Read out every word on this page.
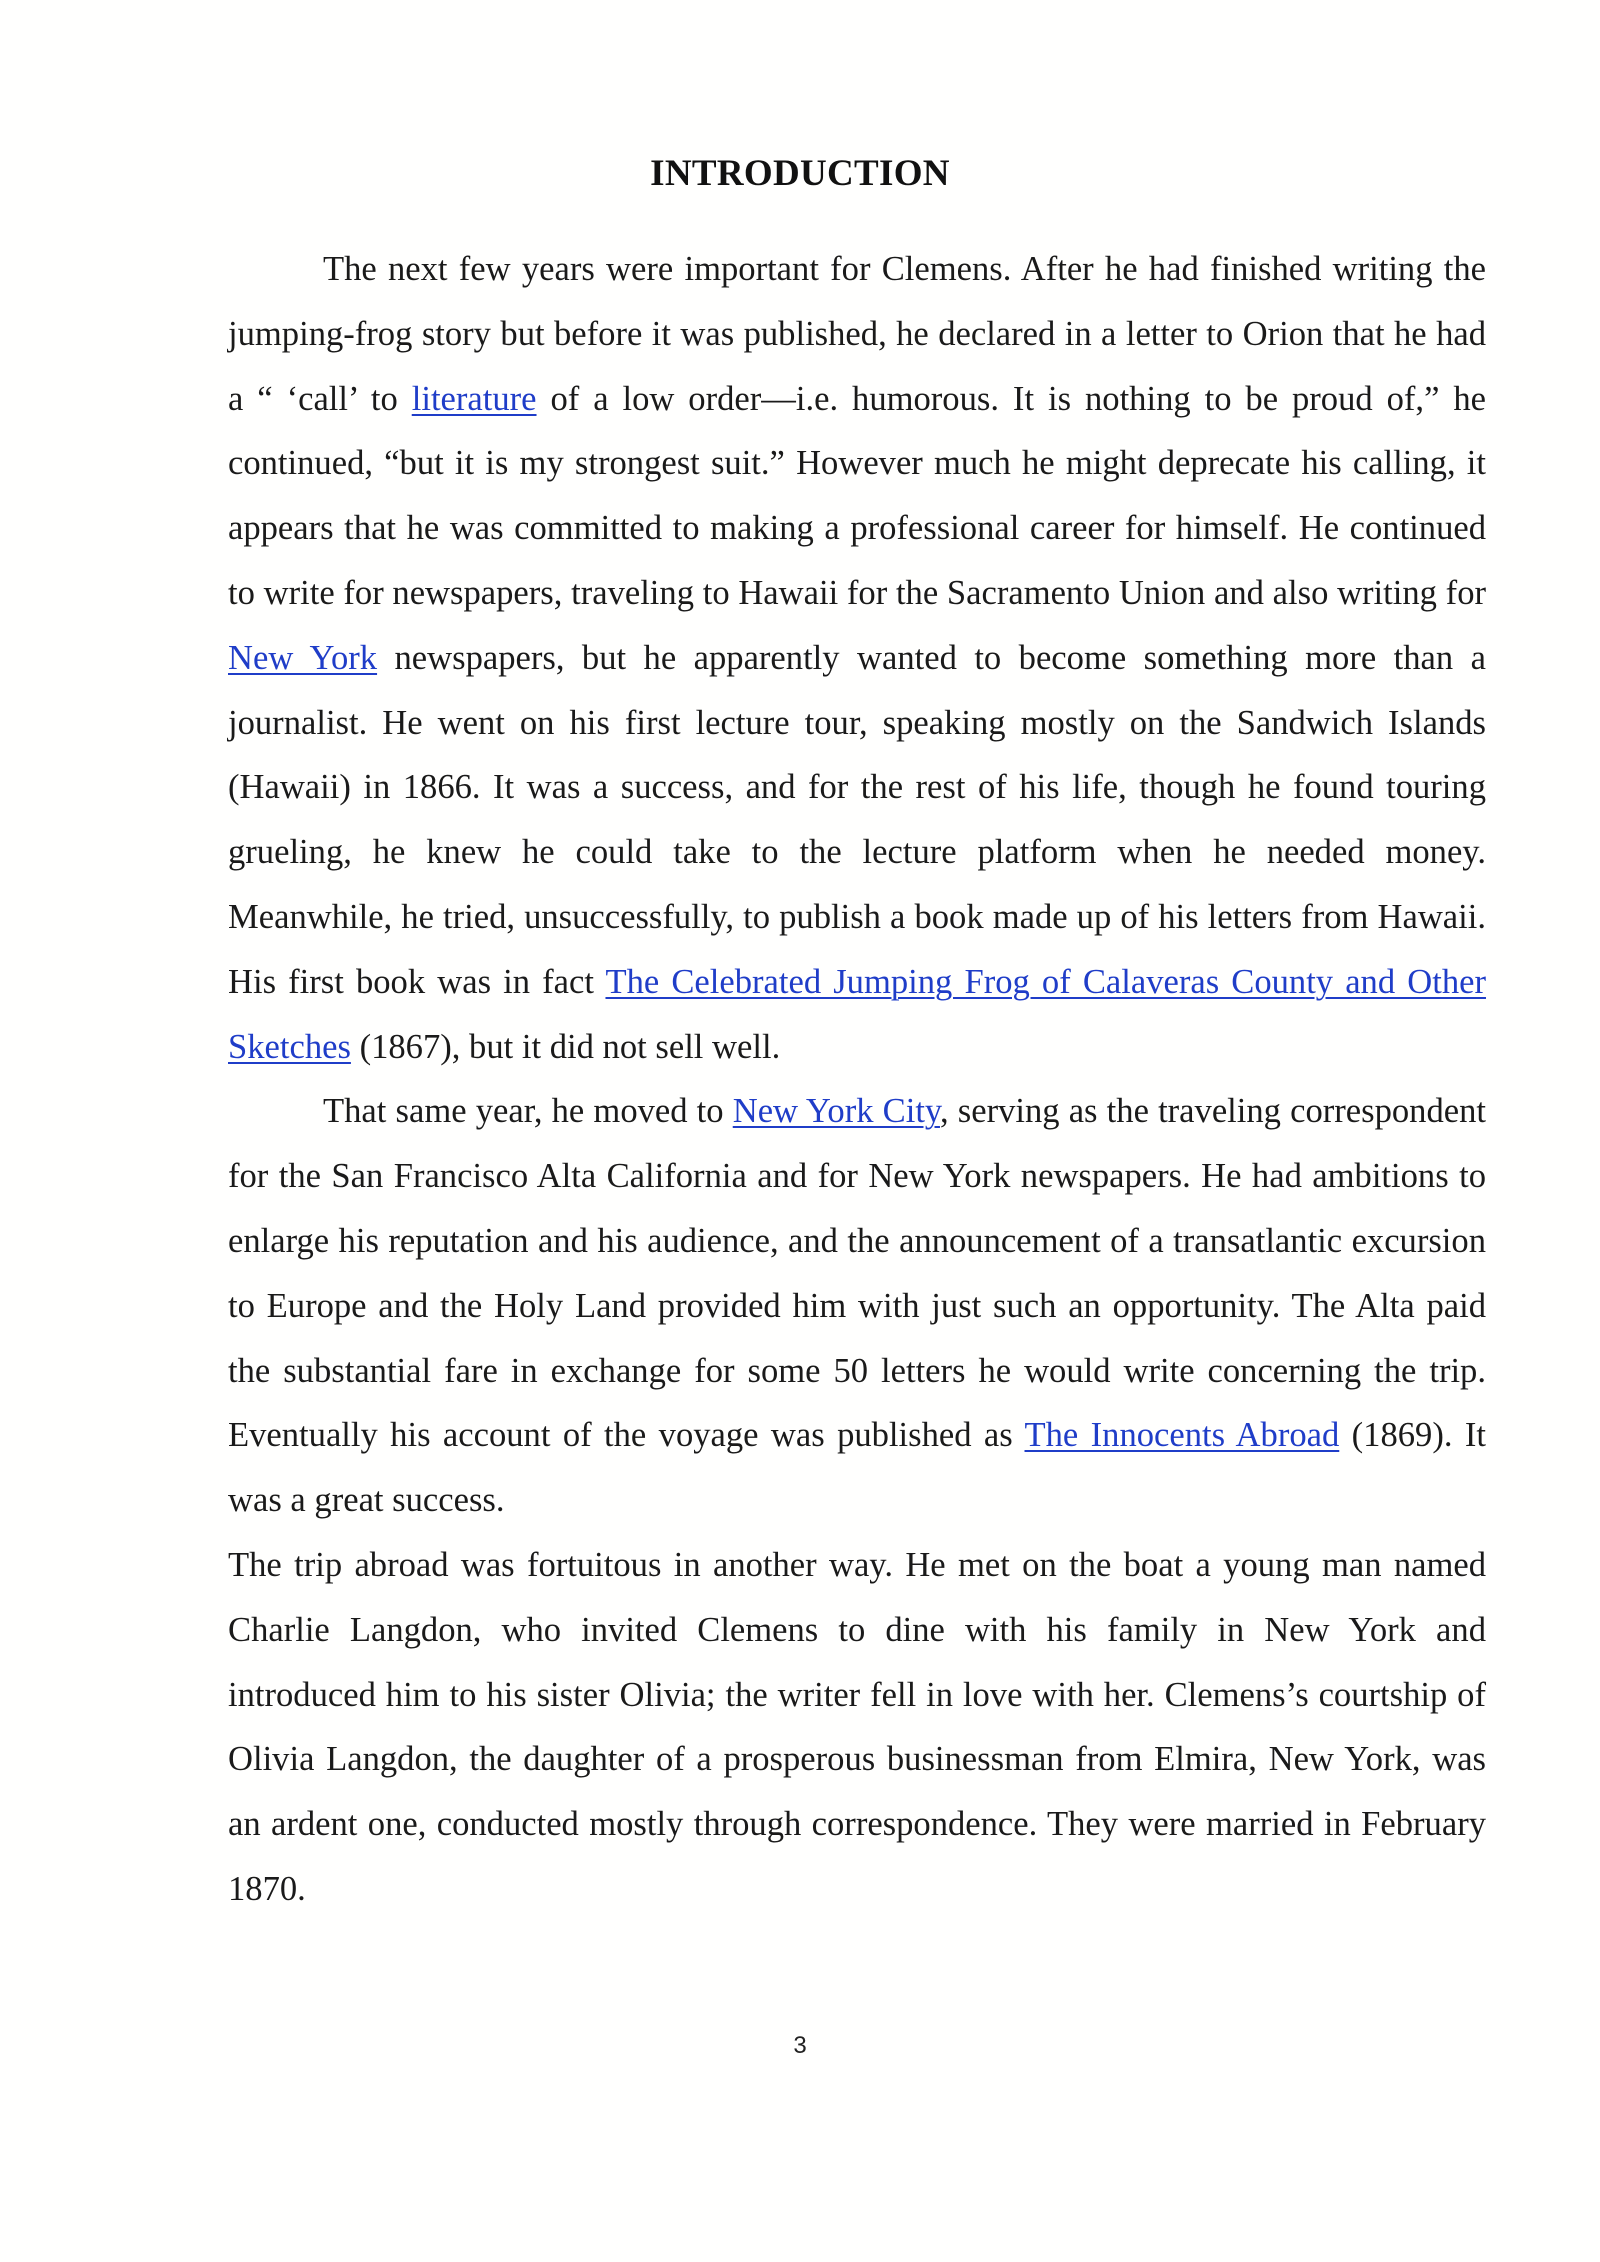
INTRODUCTION

The next few years were important for Clemens. After he had finished writing the jumping-frog story but before it was published, he declared in a letter to Orion that he had a “ ‘call’ to literature of a low order—i.e. humorous. It is nothing to be proud of,” he continued, “but it is my strongest suit.” However much he might deprecate his calling, it appears that he was committed to making a professional career for himself. He continued to write for newspapers, traveling to Hawaii for the Sacramento Union and also writing for New York newspapers, but he apparently wanted to become something more than a journalist. He went on his first lecture tour, speaking mostly on the Sandwich Islands (Hawaii) in 1866. It was a success, and for the rest of his life, though he found touring grueling, he knew he could take to the lecture platform when he needed money. Meanwhile, he tried, unsuccessfully, to publish a book made up of his letters from Hawaii. His first book was in fact The Celebrated Jumping Frog of Calaveras County and Other Sketches (1867), but it did not sell well.

That same year, he moved to New York City, serving as the traveling correspondent for the San Francisco Alta California and for New York newspapers. He had ambitions to enlarge his reputation and his audience, and the announcement of a transatlantic excursion to Europe and the Holy Land provided him with just such an opportunity. The Alta paid the substantial fare in exchange for some 50 letters he would write concerning the trip. Eventually his account of the voyage was published as The Innocents Abroad (1869). It was a great success.

The trip abroad was fortuitous in another way. He met on the boat a young man named Charlie Langdon, who invited Clemens to dine with his family in New York and introduced him to his sister Olivia; the writer fell in love with her. Clemens’s courtship of Olivia Langdon, the daughter of a prosperous businessman from Elmira, New York, was an ardent one, conducted mostly through correspondence. They were married in February 1870.

3
